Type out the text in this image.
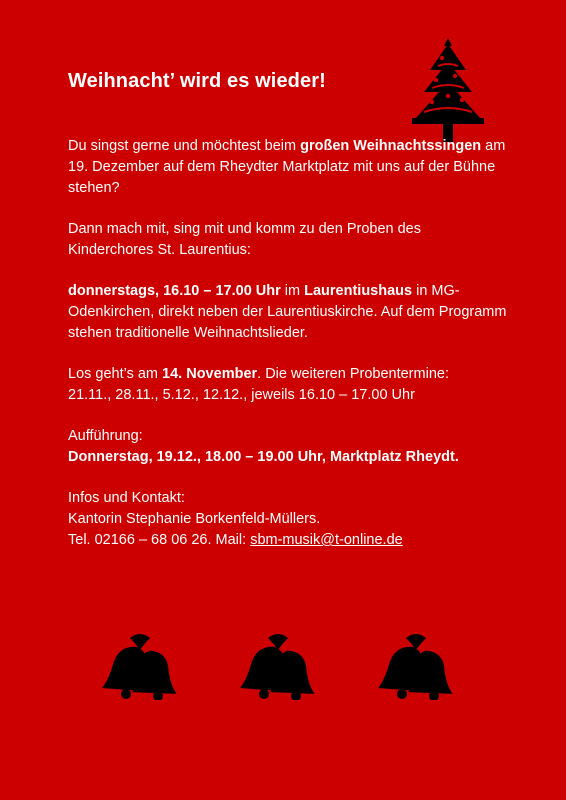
Weihnacht’ wird es wieder!

Du singst gerne und möchtest beim großen Weihnachtssingen am 19. Dezember auf dem Rheydter Marktplatz mit uns auf der Bühne stehen?

Dann mach mit, sing mit und komm zu den Proben des Kinderchores St. Laurentius:

donnerstags, 16.10 – 17.00 Uhr im Laurentiushaus in MG-Odenkirchen, direkt neben der Laurentiuskirche. Auf dem Programm stehen traditionelle Weihnachtslieder.

Los geht’s am 14. November. Die weiteren Probentermine:
21.11., 28.11., 5.12., 12.12., jeweils 16.10 – 17.00 Uhr

Aufführung:
Donnerstag, 19.12., 18.00 – 19.00 Uhr, Marktplatz Rheydt.

Infos und Kontakt:
Kantorin Stephanie Borkenfeld-Müllers.
Tel. 02166 – 68 06 26. Mail: sbm-musik@t-online.de
